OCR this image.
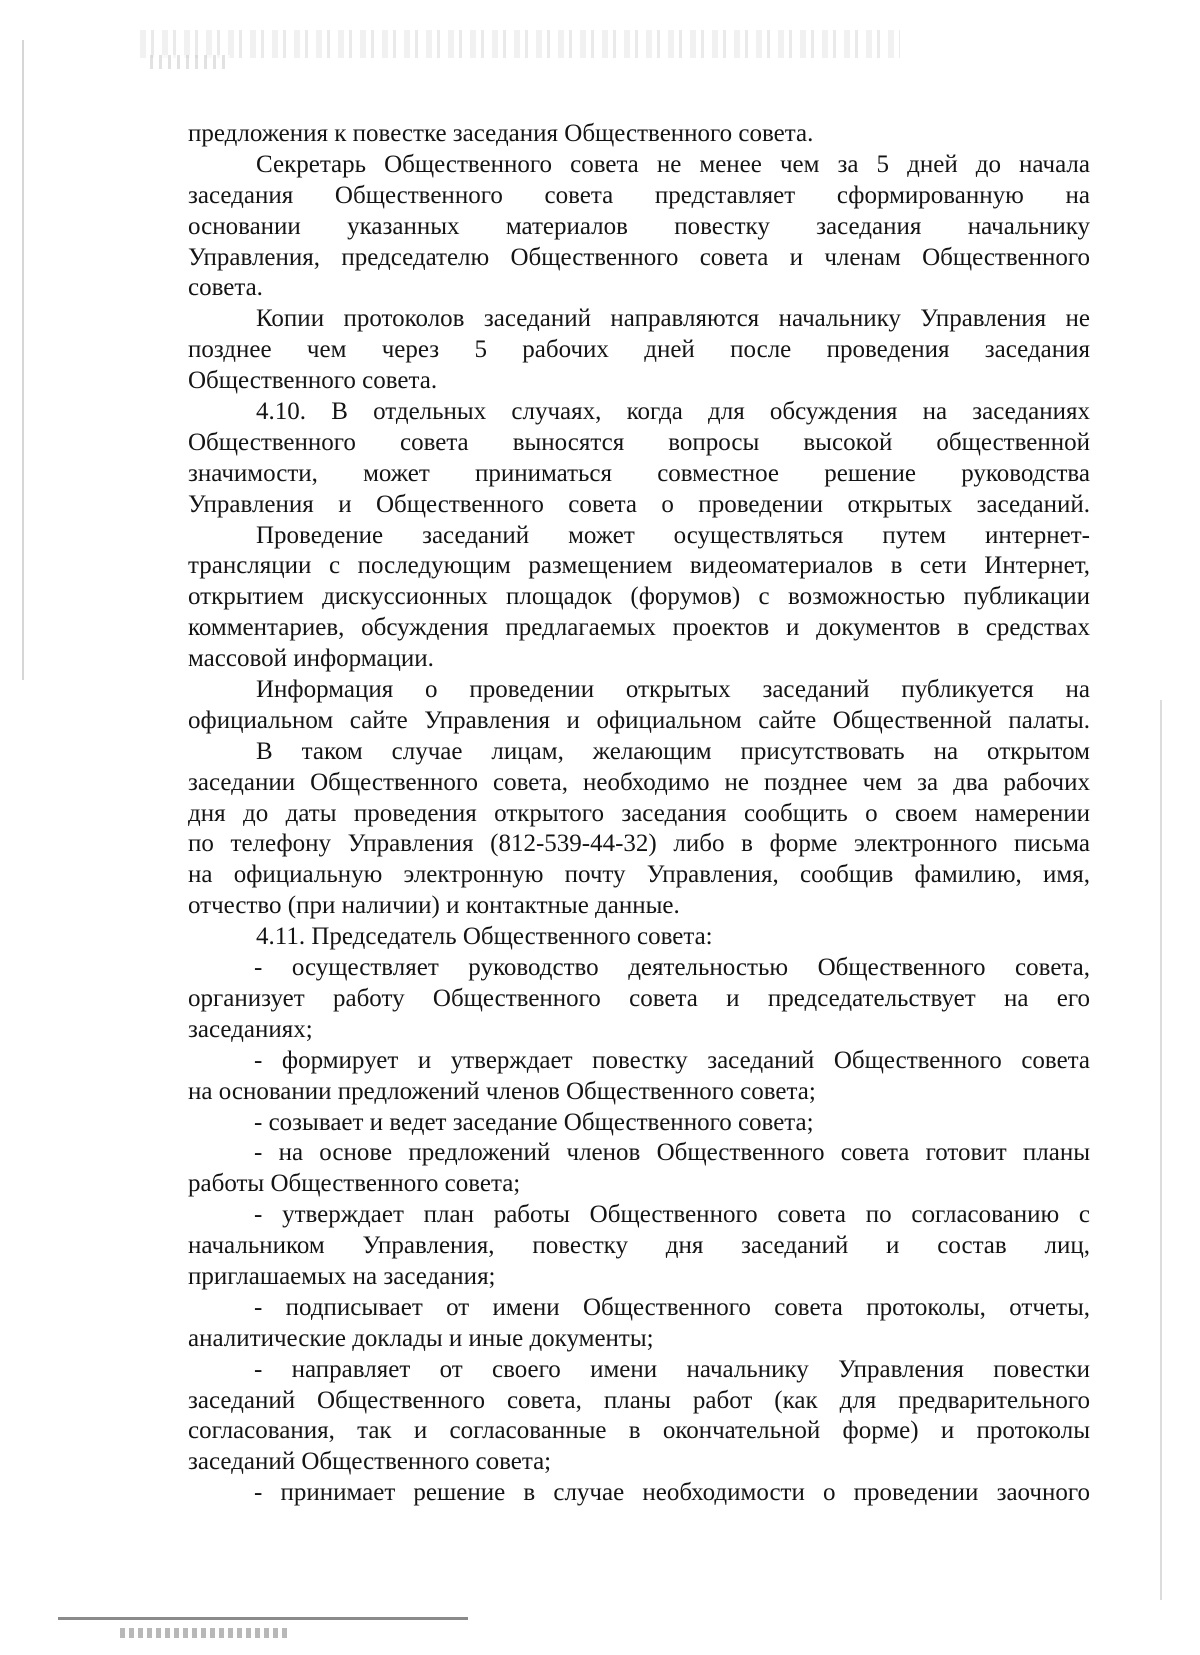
предложения к повестке заседания Общественного совета.
Секретарь Общественного совета не менее чем за 5 дней до начала
заседания Общественного совета представляет сформированную на
основании указанных материалов повестку заседания начальнику
Управления, председателю Общественного совета и членам Общественного
совета.
Копии протоколов заседаний направляются начальнику Управления не
позднее чем через 5 рабочих дней после проведения заседания
Общественного совета.
4.10. В отдельных случаях, когда для обсуждения на заседаниях
Общественного совета выносятся вопросы высокой общественной
значимости, может приниматься совместное решение руководства
Управления и Общественного совета о проведении открытых заседаний.
Проведение заседаний может осуществляться путем интернет-
трансляции с последующим размещением видеоматериалов в сети Интернет,
открытием дискуссионных площадок (форумов) с возможностью публикации
комментариев, обсуждения предлагаемых проектов и документов в средствах
массовой информации.
Информация о проведении открытых заседаний публикуется на
официальном сайте Управления и официальном сайте Общественной палаты.
В таком случае лицам, желающим присутствовать на открытом
заседании Общественного совета, необходимо не позднее чем за два рабочих
дня до даты проведения открытого заседания сообщить о своем намерении
по телефону Управления (812-539-44-32) либо в форме электронного письма
на официальную электронную почту Управления, сообщив фамилию, имя,
отчество (при наличии) и контактные данные.
4.11. Председатель Общественного совета:
- осуществляет руководство деятельностью Общественного совета,
организует работу Общественного совета и председательствует на его
заседаниях;
- формирует и утверждает повестку заседаний Общественного совета
на основании предложений членов Общественного совета;
- созывает и ведет заседание Общественного совета;
- на основе предложений членов Общественного совета готовит планы
работы Общественного совета;
- утверждает план работы Общественного совета по согласованию с
начальником Управления, повестку дня заседаний и состав лиц,
приглашаемых на заседания;
- подписывает от имени Общественного совета протоколы, отчеты,
аналитические доклады и иные документы;
- направляет от своего имени начальнику Управления повестки
заседаний Общественного совета, планы работ (как для предварительного
согласования, так и согласованные в окончательной форме) и протоколы
заседаний Общественного совета;
- принимает решение в случае необходимости о проведении заочного
